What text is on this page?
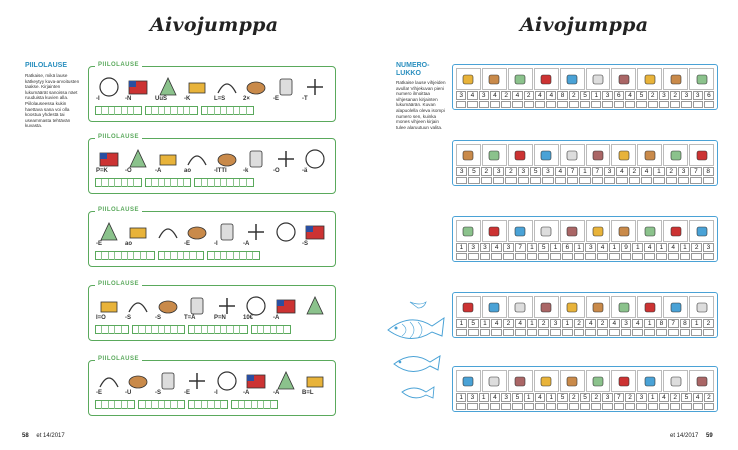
Aivojumppa	Aivojumppa
PIILOLAUSE
Ratkaise, mikä lause kätkeytyy kuva-arvoitusten taakse. Kirjainten lukumäärät sanoissa näet ruuduista kuvien alla. Piilolauseessa kukin haettava sana voi olla koostua yhdestä tai useammasta tehtävän kuvasta.
NUMERO-LUKKO
Ratkaise lause vihjeiden avulla! Vihjekuvan pieni numero ilmoittaa vihjesanan kirjainten lukumäärän. Kuvan alapuolella oleva isompi numero sen, kuinka mones vihjeen kirjain tulee alaruutuun valita.
PIILOLAUSE
-I	-N	UuS	-K	L=S	2×	-E	-T
PIILOLAUSE
P=K	-O	-A	ao	-ITTI	-k	-O	-ä
PIILOLAUSE
-E	ao	-E	-I	-A	-S
PIILOLAUSE
I=O	-S	-S	T=Ä	P=N	10€	-A
PIILOLAUSE
-E	-U	-S	-E	-I	-A	-A	B=L
3	4	3	4	2	4	2	4	4	8	2	5	1	3	6	4	5	2	3	2	3	3	6
3	5	2	3	2	3	5	3	4	7	1	7	3	4	2	4	1	2	3	7	8
1	3	3	4	3	7	1	5	1	6	1	3	4	1	9	1	4	1	4	1	2	3
1	5	1	4	2	4	1	2	3	1	2	4	2	4	3	4	1	8	7	8	1	2
1	3	1	4	3	5	1	4	1	5	2	5	2	3	7	2	3	1	4	2	5	4	2
58 et 14/2017	et 14/2017 59
